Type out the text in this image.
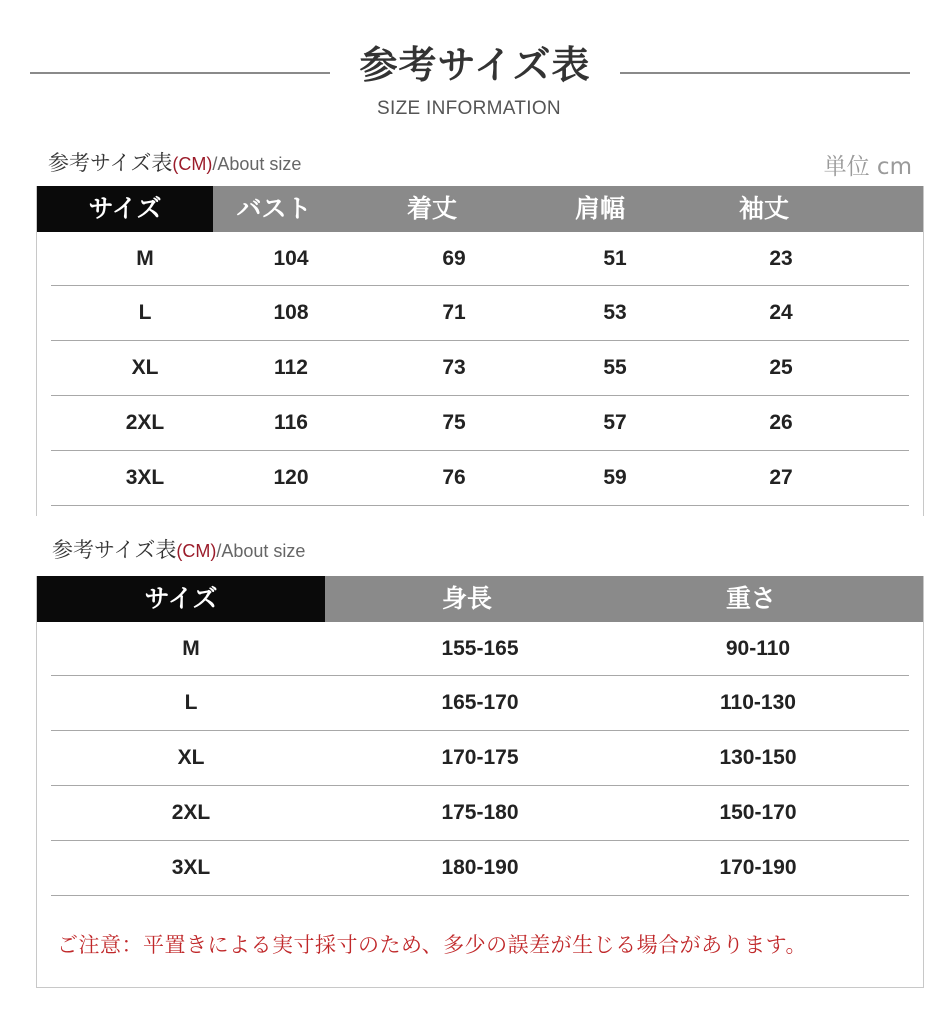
参考サイズ表
SIZE INFORMATION
参考サイズ表(CM)/About size	単位 cm
サイズ	バスト	着丈	肩幅	袖丈
M	104	69	51	23
L	108	71	53	24
XL	112	73	55	25
2XL	116	75	57	26
3XL	120	76	59	27
参考サイズ表(CM)/About size
サイズ	身長	重さ
M	155-165	90-110
L	165-170	110-130
XL	170-175	130-150
2XL	175-180	150-170
3XL	180-190	170-190
ご注意：平置きによる実寸採寸のため、多少の誤差が生じる場合があります。
